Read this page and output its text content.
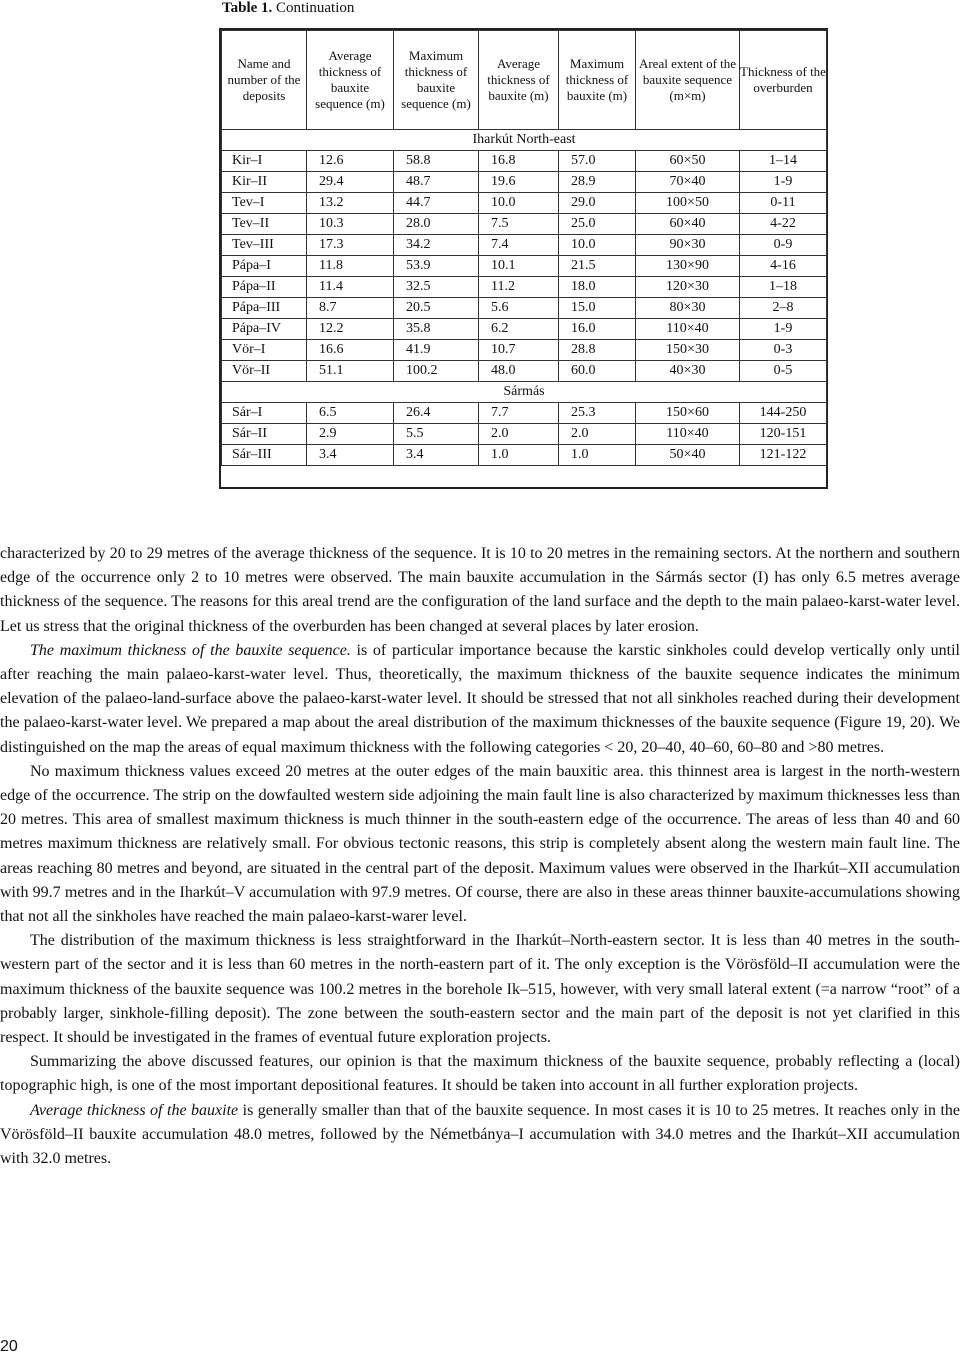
Table 1. Continuation
Name and number of the deposits	Average thickness of bauxite sequence (m)	Maximum thickness of bauxite sequence (m)	Average thickness of bauxite (m)	Maximum thickness of bauxite (m)	Areal extent of the bauxite sequence (m×m)	Thickness of the overburden
Iharkút North-east						
Kir–I	12.6	58.8	16.8	57.0	60×50	1–14
Kir–II	29.4	48.7	19.6	28.9	70×40	1-9
Tev–I	13.2	44.7	10.0	29.0	100×50	0-11
Tev–II	10.3	28.0	7.5	25.0	60×40	4-22
Tev–III	17.3	34.2	7.4	10.0	90×30	0-9
Pápa–I	11.8	53.9	10.1	21.5	130×90	4-16
Pápa–II	11.4	32.5	11.2	18.0	120×30	1–18
Pápa–III	8.7	20.5	5.6	15.0	80×30	2–8
Pápa–IV	12.2	35.8	6.2	16.0	110×40	1-9
Vör–I	16.6	41.9	10.7	28.8	150×30	0-3
Vör–II	51.1	100.2	48.0	60.0	40×30	0-5
Sármás						
Sár–I	6.5	26.4	7.7	25.3	150×60	144-250
Sár–II	2.9	5.5	2.0	2.0	110×40	120-151
Sár–III	3.4	3.4	1.0	1.0	50×40	121-122

characterized by 20 to 29 metres of the average thickness of the sequence. It is 10 to 20 metres in the remaining sectors. At the northern and southern edge of the occurrence only 2 to 10 metres were observed. The main bauxite accumulation in the Sármás sector (I) has only 6.5 metres average thickness of the sequence. The reasons for this areal trend are the configuration of the land surface and the depth to the main palaeo-karst-water level. Let us stress that the original thickness of the overburden has been changed at several places by later erosion.

The maximum thickness of the bauxite sequence. is of particular importance because the karstic sinkholes could develop vertically only until after reaching the main palaeo-karst-water level. Thus, theoretically, the maximum thickness of the bauxite sequence indicates the minimum elevation of the palaeo-land-surface above the palaeo-karst-water level. It should be stressed that not all sinkholes reached during their development the palaeo-karst-water level. We prepared a map about the areal distribution of the maximum thicknesses of the bauxite sequence (Figure 19, 20). We distinguished on the map the areas of equal maximum thickness with the following categories < 20, 20–40, 40–60, 60–80 and >80 metres.

No maximum thickness values exceed 20 metres at the outer edges of the main bauxitic area. this thinnest area is largest in the north-western edge of the occurrence. The strip on the dowfaulted western side adjoining the main fault line is also characterized by maximum thicknesses less than 20 metres. This area of smallest maximum thickness is much thinner in the south-eastern edge of the occurrence. The areas of less than 40 and 60 metres maximum thickness are relatively small. For obvious tectonic reasons, this strip is completely absent along the western main fault line. The areas reaching 80 metres and beyond, are situated in the central part of the deposit. Maximum values were observed in the Iharkút–XII accumulation with 99.7 metres and in the Iharkút–V accumulation with 97.9 metres. Of course, there are also in these areas thinner bauxite-accumulations showing that not all the sinkholes have reached the main palaeo-karst-warer level.

The distribution of the maximum thickness is less straightforward in the Iharkút–North-eastern sector. It is less than 40 metres in the south-western part of the sector and it is less than 60 metres in the north-eastern part of it. The only exception is the Vörösföld–II accumulation were the maximum thickness of the bauxite sequence was 100.2 metres in the borehole Ik–515, however, with very small lateral extent (=a narrow “root” of a probably larger, sinkhole-filling deposit). The zone between the south-eastern sector and the main part of the deposit is not yet clarified in this respect. It should be investigated in the frames of eventual future exploration projects.

Summarizing the above discussed features, our opinion is that the maximum thickness of the bauxite sequence, probably reflecting a (local) topographic high, is one of the most important depositional features. It should be taken into account in all further exploration projects.

Average thickness of the bauxite is generally smaller than that of the bauxite sequence. In most cases it is 10 to 25 metres. It reaches only in the Vörösföld–II bauxite accumulation 48.0 metres, followed by the Németbánya–I accumulation with 34.0 metres and the Iharkút–XII accumulation with 32.0 metres.

20
